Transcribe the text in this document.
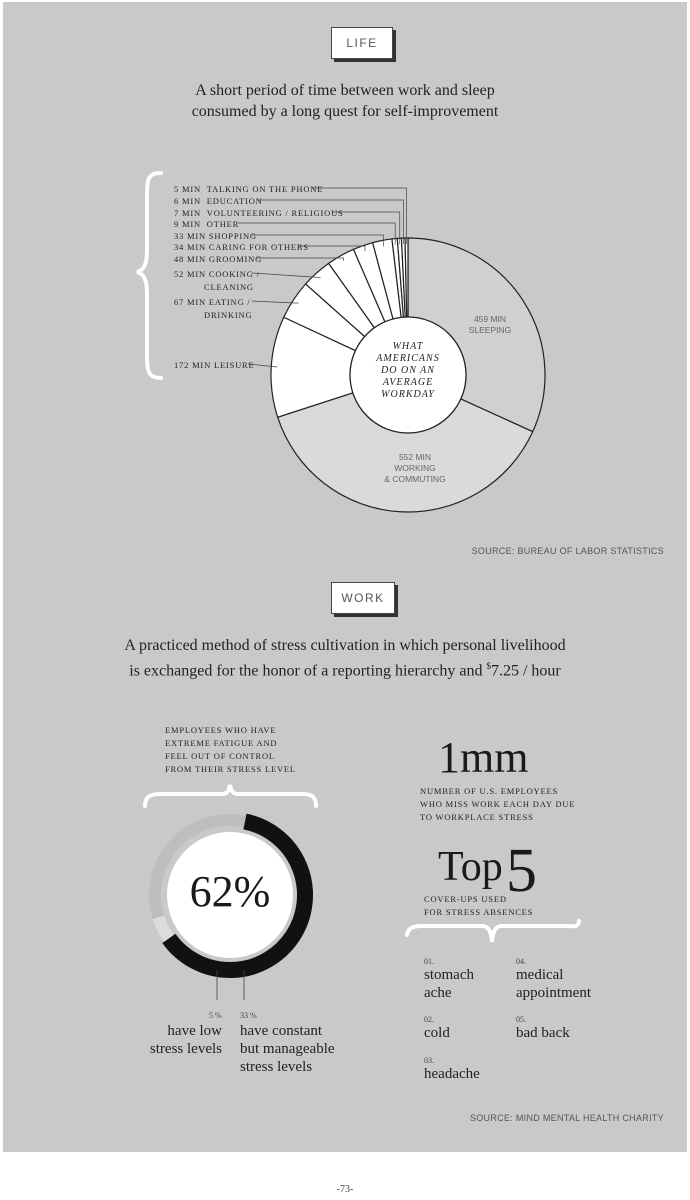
LIFE
A short period of time between work and sleep
consumed by a long quest for self-improvement
WHAT
AMERICANS
DO ON AN
AVERAGE
WORKDAY
459 MIN
SLEEPING
552 MIN
WORKING
& COMMUTING
5 MIN TALKING ON THE PHONE
6 MIN EDUCATION
7 MIN VOLUNTEERING / RELIGIOUS
9 MIN OTHER
33 MIN SHOPPING
34 MIN CARING FOR OTHERS
48 MIN GROOMING
52 MIN COOKING /
CLEANING
67 MIN EATING /
DRINKING
172 MIN LEISURE
SOURCE: BUREAU OF LABOR STATISTICS
WORK
A practiced method of stress cultivation in which personal livelihood
is exchanged for the honor of a reporting hierarchy and $7.25 / hour
EMPLOYEES WHO HAVE
EXTREME FATIGUE AND
FEEL OUT OF CONTROL
FROM THEIR STRESS LEVEL
62%
5 %
have low
stress levels
33 %
have constant
but manageable
stress levels
1mm
NUMBER OF U.S. EMPLOYEES
WHO MISS WORK EACH DAY DUE
TO WORKPLACE STRESS
Top 5
COVER-UPS USED
FOR STRESS ABSENCES
01.
stomach
ache
02.
cold
03.
headache
04.
medical
appointment
05.
bad back
SOURCE: MIND MENTAL HEALTH CHARITY
-73-
